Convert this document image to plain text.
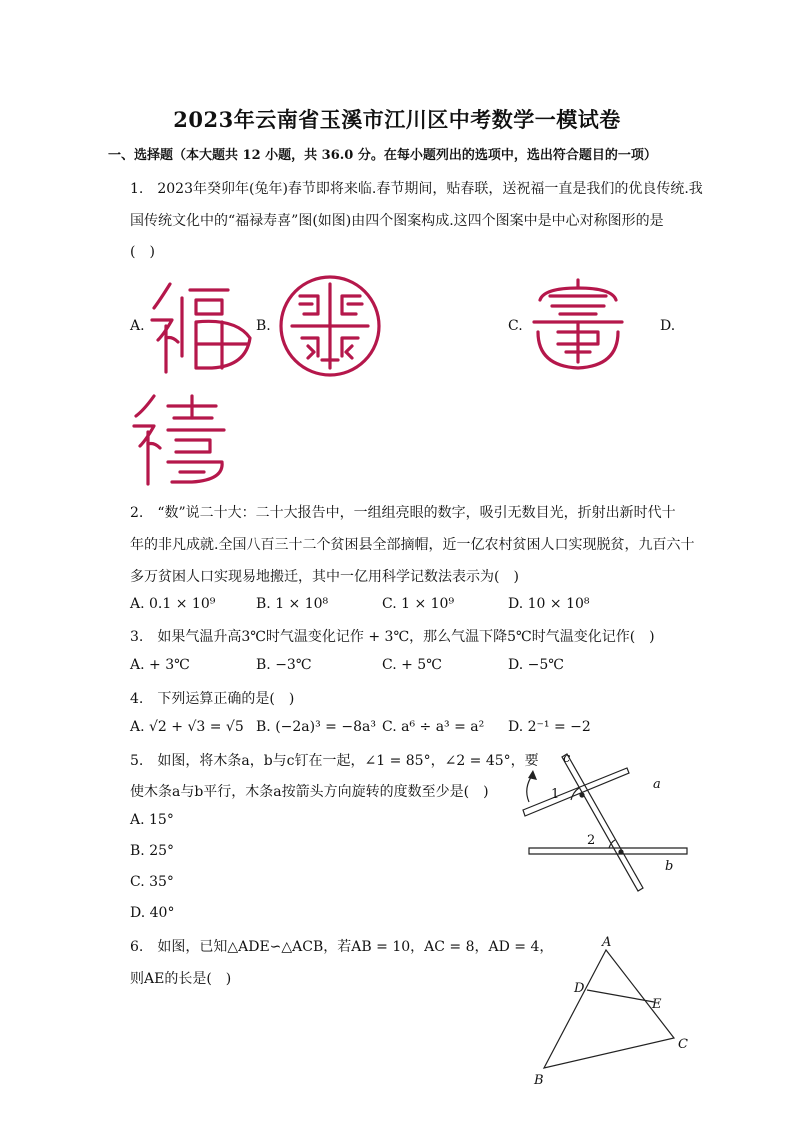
2023年云南省玉溪市江川区中考数学一模试卷
一、选择题（本大题共 12 小题，共 36.0 分。在每小题列出的选项中，选出符合题目的一项）
1.　2023年癸卯年(兔年)春节即将来临.春节期间，贴春联，送祝福一直是我们的优良传统.我
国传统文化中的“福禄寿喜”图(如图)由四个图案构成.这四个图案中是中心对称图形的是
(　)
A.	B.	C.	D.
2.　“数”说二十大：二十大报告中，一组组亮眼的数字，吸引无数目光，折射出新时代十
年的非凡成就.全国八百三十二个贫困县全部摘帽，近一亿农村贫困人口实现脱贫，九百六十
多万贫困人口实现易地搬迁，其中一亿用科学记数法表示为(　)
A. 0.1 × 10⁹	B. 1 × 10⁸	C. 1 × 10⁹	D. 10 × 10⁸
3.　如果气温升高3℃时气温变化记作 + 3℃，那么气温下降5℃时气温变化记作(　)
A. + 3℃	B. −3℃	C. + 5℃	D. −5℃
4.　下列运算正确的是(　)
A. √2 + √3 = √5 B. (−2a)³ = −8a³ C. a⁶ ÷ a³ = a² D. 2⁻¹ = −2
5.　如图，将木条a，b与c钉在一起，∠1 = 85°，∠2 = 45°，要
使木条a与b平行，木条a按箭头方向旋转的度数至少是(　)
A. 15°
B. 25°
C. 35°
D. 40°
c
a
b
1
2
6.　如图，已知△ADE∽△ACB，若AB = 10，AC = 8，AD = 4，
则AE的长是(　)
A
B
C
D
E
